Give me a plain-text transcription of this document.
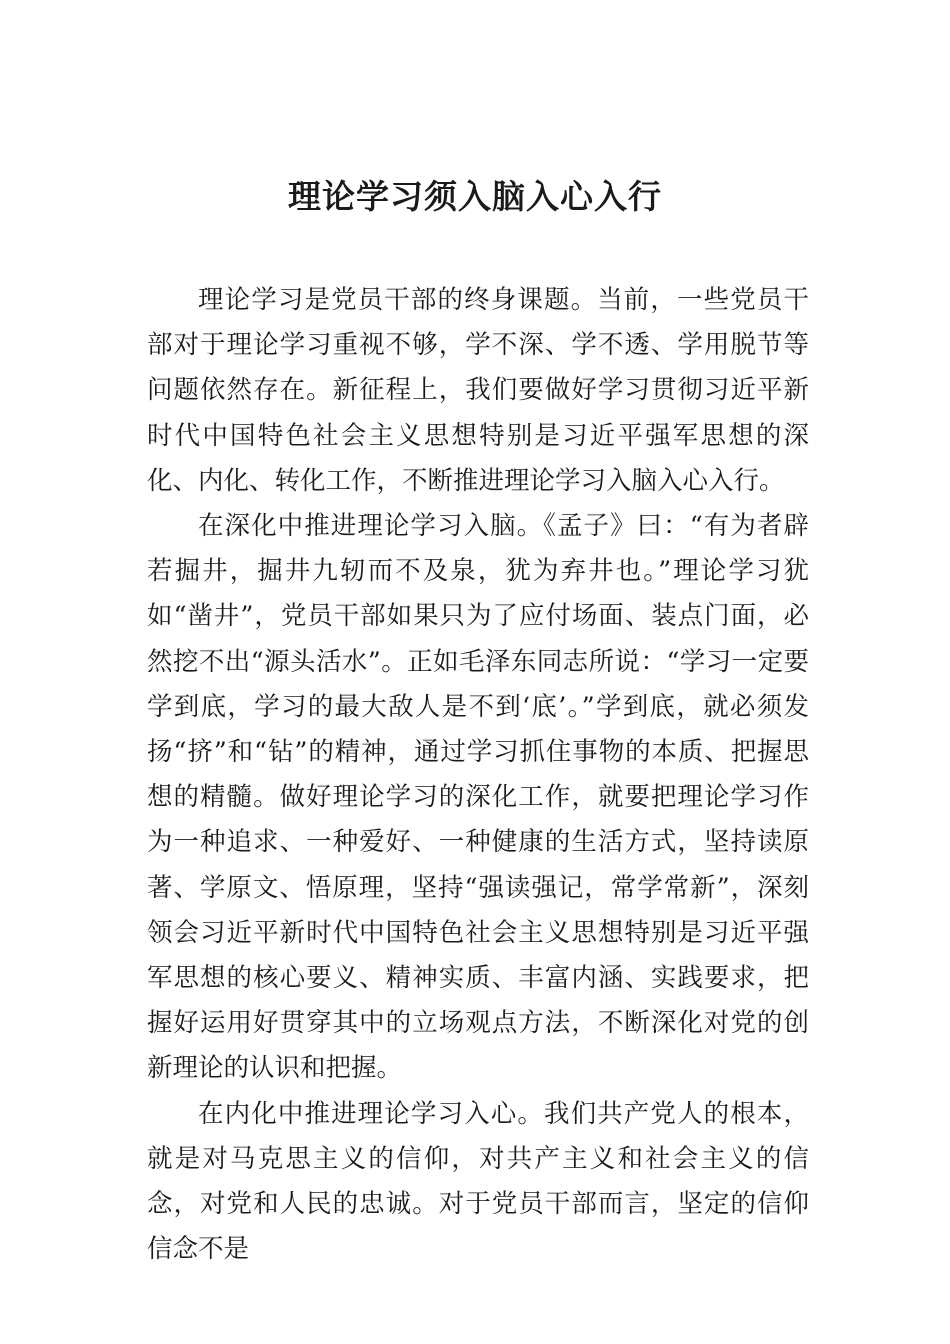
理论学习须入脑入心入行

理论学习是党员干部的终身课题。当前，一些党员干部对于理论学习重视不够，学不深、学不透、学用脱节等问题依然存在。新征程上，我们要做好学习贯彻习近平新时代中国特色社会主义思想特别是习近平强军思想的深化、内化、转化工作，不断推进理论学习入脑入心入行。

在深化中推进理论学习入脑。《孟子》曰：“有为者辟若掘井，掘井九轫而不及泉，犹为弃井也。”理论学习犹如“凿井”，党员干部如果只为了应付场面、装点门面，必然挖不出“源头活水”。正如毛泽东同志所说：“学习一定要学到底，学习的最大敌人是不到‘底’。”学到底，就必须发扬“挤”和“钻”的精神，通过学习抓住事物的本质、把握思想的精髓。做好理论学习的深化工作，就要把理论学习作为一种追求、一种爱好、一种健康的生活方式，坚持读原著、学原文、悟原理，坚持“强读强记，常学常新”，深刻领会习近平新时代中国特色社会主义思想特别是习近平强军思想的核心要义、精神实质、丰富内涵、实践要求，把握好运用好贯穿其中的立场观点方法，不断深化对党的创新理论的认识和把握。

在内化中推进理论学习入心。我们共产党人的根本，就是对马克思主义的信仰，对共产主义和社会主义的信念，对党和人民的忠诚。对于党员干部而言，坚定的信仰信念不是
